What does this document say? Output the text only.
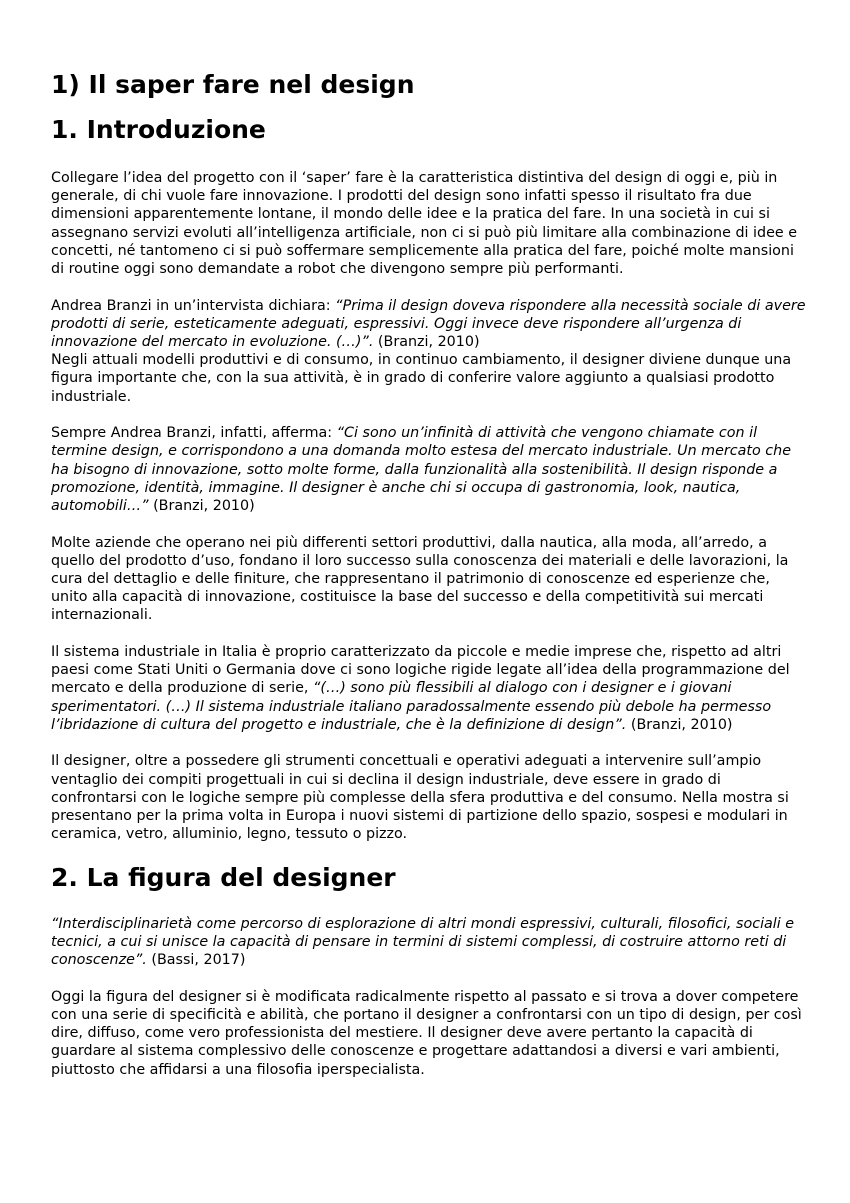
1) Il saper fare nel design
1. Introduzione

Collegare l’idea del progetto con il ‘saper’ fare è la caratteristica distintiva del design di oggi e, più in generale, di chi vuole fare innovazione. I prodotti del design sono infatti spesso il risultato fra due dimensioni apparentemente lontane, il mondo delle idee e la pratica del fare. In una società in cui si assegnano servizi evoluti all’intelligenza artificiale, non ci si può più limitare alla combinazione di idee e concetti, né tantomeno ci si può soffermare semplicemente alla pratica del fare, poiché molte mansioni di routine oggi sono demandate a robot che divengono sempre più performanti.

Andrea Branzi in un’intervista dichiara: “Prima il design doveva rispondere alla necessità sociale di avere prodotti di serie, esteticamente adeguati, espressivi. Oggi invece deve rispondere all’urgenza di innovazione del mercato in evoluzione. (…)”. (Branzi, 2010)
Negli attuali modelli produttivi e di consumo, in continuo cambiamento, il designer diviene dunque una figura importante che, con la sua attività, è in grado di conferire valore aggiunto a qualsiasi prodotto industriale.

Sempre Andrea Branzi, infatti, afferma: “Ci sono un’infinità di attività che vengono chiamate con il termine design, e corrispondono a una domanda molto estesa del mercato industriale. Un mercato che ha bisogno di innovazione, sotto molte forme, dalla funzionalità alla sostenibilità. Il design risponde a promozione, identità, immagine. Il designer è anche chi si occupa di gastronomia, look, nautica, automobili…” (Branzi, 2010)

Molte aziende che operano nei più differenti settori produttivi, dalla nautica, alla moda, all’arredo, a quello del prodotto d’uso, fondano il loro successo sulla conoscenza dei materiali e delle lavorazioni, la cura del dettaglio e delle finiture, che rappresentano il patrimonio di conoscenze ed esperienze che, unito alla capacità di innovazione, costituisce la base del successo e della competitività sui mercati internazionali.

Il sistema industriale in Italia è proprio caratterizzato da piccole e medie imprese che, rispetto ad altri paesi come Stati Uniti o Germania dove ci sono logiche rigide legate all’idea della programmazione del mercato e della produzione di serie, “(…) sono più flessibili al dialogo con i designer e i giovani sperimentatori. (…) Il sistema industriale italiano paradossalmente essendo più debole ha permesso l’ibridazione di cultura del progetto e industriale, che è la definizione di design”. (Branzi, 2010)

Il designer, oltre a possedere gli strumenti concettuali e operativi adeguati a intervenire sull’ampio ventaglio dei compiti progettuali in cui si declina il design industriale, deve essere in grado di confrontarsi con le logiche sempre più complesse della sfera produttiva e del consumo. Nella mostra si presentano per la prima volta in Europa i nuovi sistemi di partizione dello spazio, sospesi e modulari in ceramica, vetro, alluminio, legno, tessuto o pizzo.

2. La figura del designer

“Interdisciplinarietà come percorso di esplorazione di altri mondi espressivi, culturali, filosofici, sociali e tecnici, a cui si unisce la capacità di pensare in termini di sistemi complessi, di costruire attorno reti di conoscenze”. (Bassi, 2017)

Oggi la figura del designer si è modificata radicalmente rispetto al passato e si trova a dover competere con una serie di specificità e abilità, che portano il designer a confrontarsi con un tipo di design, per così dire, diffuso, come vero professionista del mestiere. Il designer deve avere pertanto la capacità di guardare al sistema complessivo delle conoscenze e progettare adattandosi a diversi e vari ambienti, piuttosto che affidarsi a una filosofia iperspecialista.
